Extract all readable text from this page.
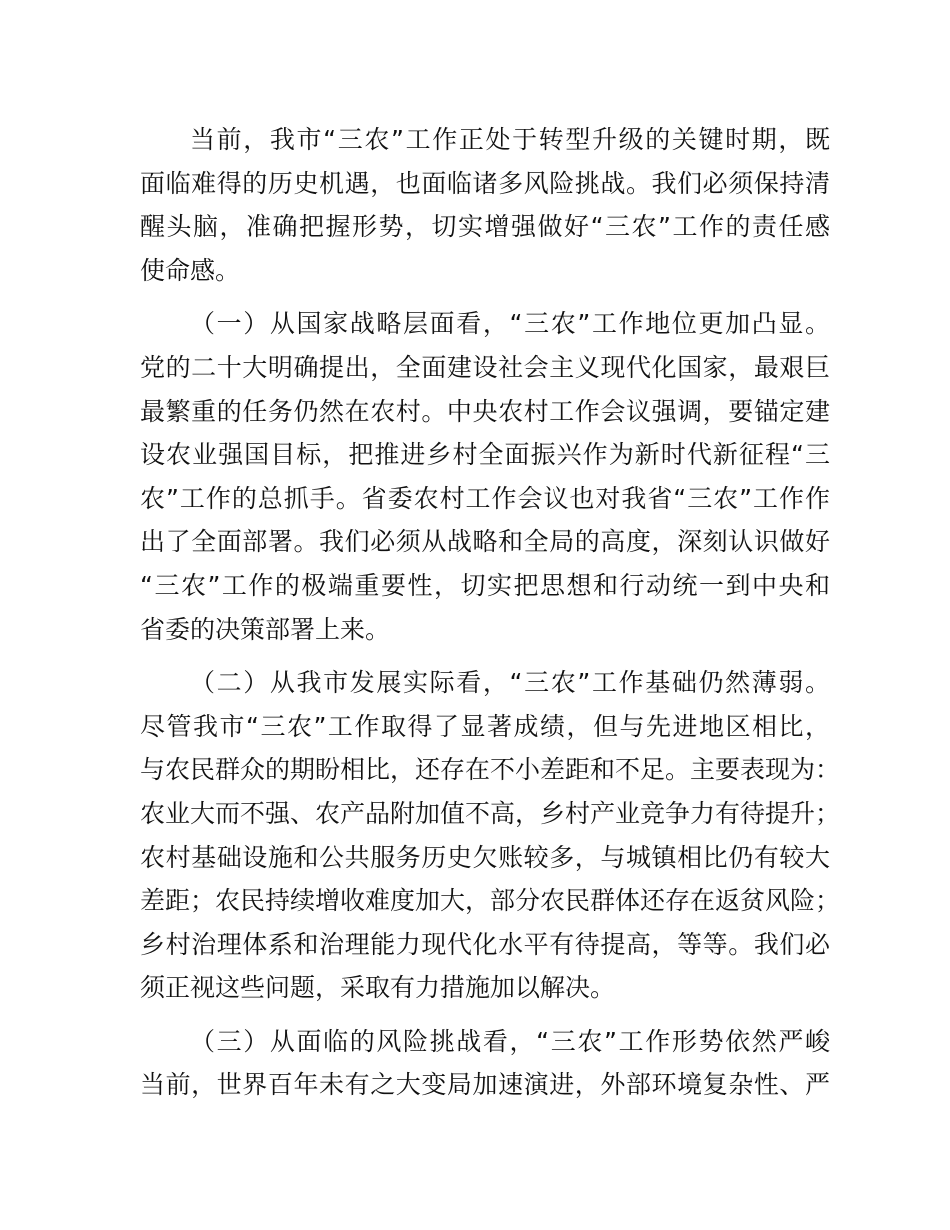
当前，我市“三农”工作正处于转型升级的关键时期，既
面临难得的历史机遇，也面临诸多风险挑战。我们必须保持清
醒头脑，准确把握形势，切实增强做好“三农”工作的责任感
使命感。

（一）从国家战略层面看，“三农”工作地位更加凸显。
党的二十大明确提出，全面建设社会主义现代化国家，最艰巨
最繁重的任务仍然在农村。中央农村工作会议强调，要锚定建
设农业强国目标，把推进乡村全面振兴作为新时代新征程“三
农”工作的总抓手。省委农村工作会议也对我省“三农”工作作
出了全面部署。我们必须从战略和全局的高度，深刻认识做好
“三农”工作的极端重要性，切实把思想和行动统一到中央和
省委的决策部署上来。

（二）从我市发展实际看，“三农”工作基础仍然薄弱。
尽管我市“三农”工作取得了显著成绩，但与先进地区相比，
与农民群众的期盼相比，还存在不小差距和不足。主要表现为：
农业大而不强、农产品附加值不高，乡村产业竞争力有待提升；
农村基础设施和公共服务历史欠账较多，与城镇相比仍有较大
差距；农民持续增收难度加大，部分农民群体还存在返贫风险；
乡村治理体系和治理能力现代化水平有待提高，等等。我们必
须正视这些问题，采取有力措施加以解决。

（三）从面临的风险挑战看，“三农”工作形势依然严峻
当前，世界百年未有之大变局加速演进，外部环境复杂性、严
